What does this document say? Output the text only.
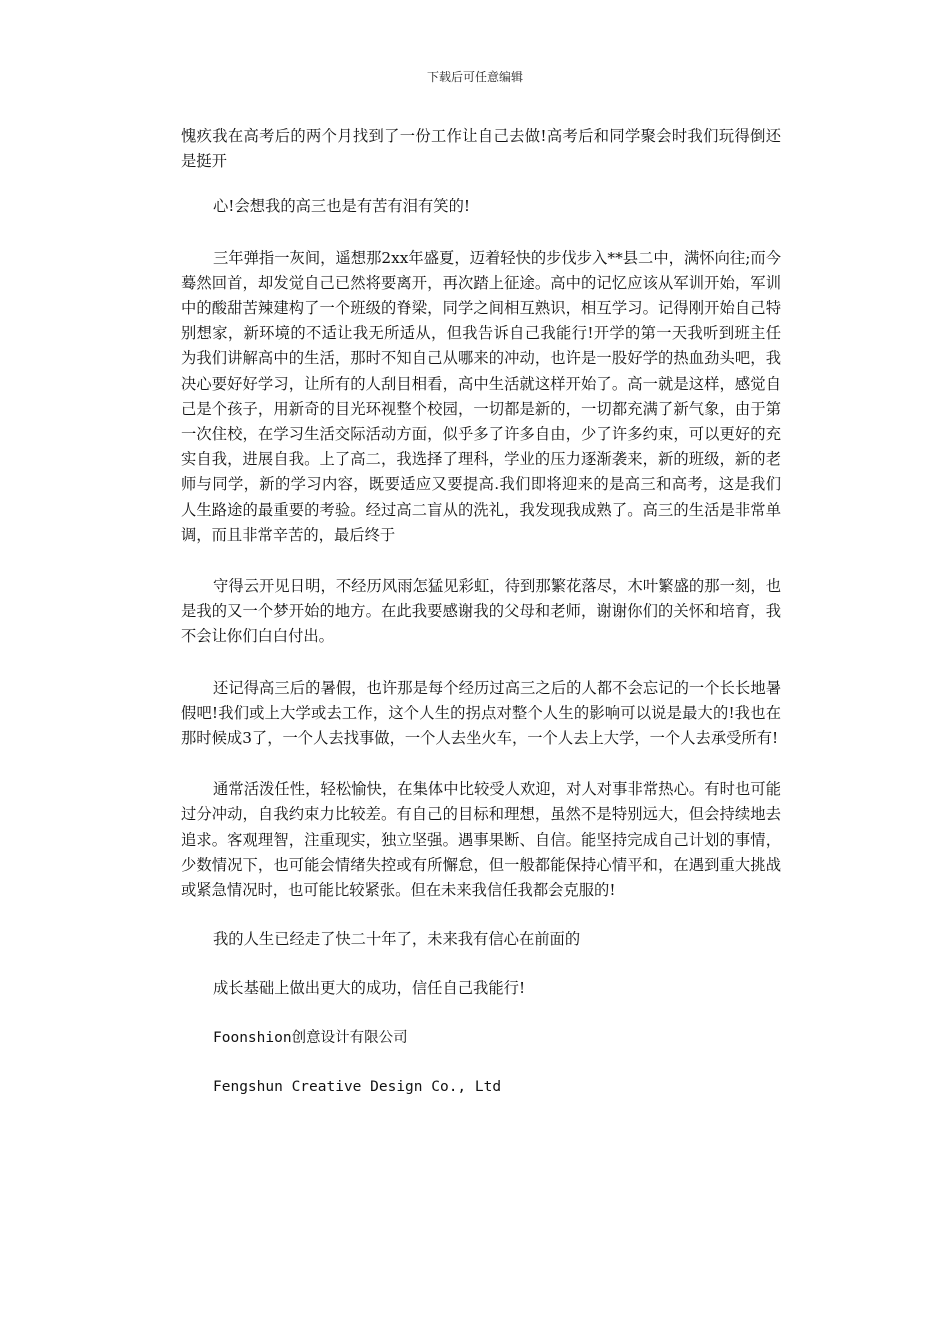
下载后可任意编辑

愧疚我在高考后的两个月找到了一份工作让自己去做!高考后和同学聚会时我们玩得倒还是挺开

心!会想我的高三也是有苦有泪有笑的!

三年弹指一灰间，遥想那2xx年盛夏，迈着轻快的步伐步入**县二中，满怀向往;而今蓦然回首，却发觉自己已然将要离开，再次踏上征途。高中的记忆应该从军训开始，军训中的酸甜苦辣建构了一个班级的脊梁，同学之间相互熟识，相互学习。记得刚开始自己特别想家，新环境的不适让我无所适从，但我告诉自己我能行!开学的第一天我听到班主任为我们讲解高中的生活，那时不知自己从哪来的冲动，也许是一股好学的热血劲头吧，我决心要好好学习，让所有的人刮目相看，高中生活就这样开始了。高一就是这样，感觉自己是个孩子，用新奇的目光环视整个校园，一切都是新的，一切都充满了新气象，由于第一次住校，在学习生活交际活动方面，似乎多了许多自由，少了许多约束，可以更好的充实自我，进展自我。上了高二，我选择了理科，学业的压力逐渐袭来，新的班级，新的老师与同学，新的学习内容，既要适应又要提高.我们即将迎来的是高三和高考，这是我们人生路途的最重要的考验。经过高二盲从的洗礼，我发现我成熟了。高三的生活是非常单调，而且非常辛苦的，最后终于

守得云开见日明，不经历风雨怎猛见彩虹，待到那繁花落尽，木叶繁盛的那一刻，也是我的又一个梦开始的地方。在此我要感谢我的父母和老师，谢谢你们的关怀和培育，我不会让你们白白付出。

还记得高三后的暑假，也许那是每个经历过高三之后的人都不会忘记的一个长长地暑假吧!我们或上大学或去工作，这个人生的拐点对整个人生的影响可以说是最大的!我也在那时候成3了，一个人去找事做，一个人去坐火车，一个人去上大学，一个人去承受所有!

通常活泼任性，轻松愉快，在集体中比较受人欢迎，对人对事非常热心。有时也可能过分冲动，自我约束力比较差。有自己的目标和理想，虽然不是特别远大，但会持续地去追求。客观理智，注重现实，独立坚强。遇事果断、自信。能坚持完成自己计划的事情，少数情况下，也可能会情绪失控或有所懈怠，但一般都能保持心情平和，在遇到重大挑战或紧急情况时，也可能比较紧张。但在未来我信任我都会克服的!

我的人生已经走了快二十年了，未来我有信心在前面的

成长基础上做出更大的成功，信任自己我能行!

Foonshion创意设计有限公司

Fengshun Creative Design Co., Ltd
